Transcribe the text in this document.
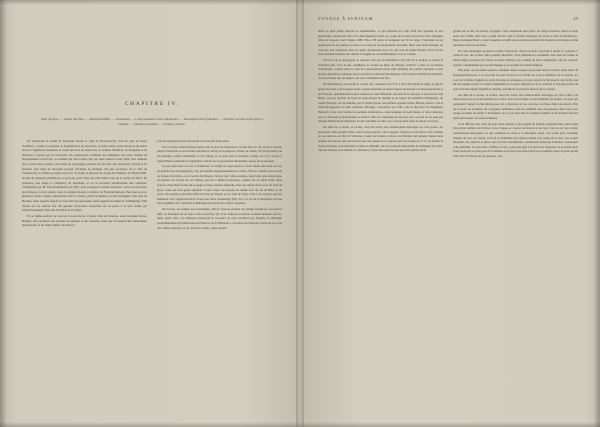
CHAPITRE IV.
Mort du pape. — Entrée des Élus. — Montagne Blanc. — Ossements. — Long sommeil et trois impatience. — Description des Pyramides. — Parallèle de fabrication grâce à empiète. — Mesures nouvelles. — Poudres, métiers.

En remontant le résidu de Kairouan depuis la ville de Fous-marche, l'œil ne peut se lasser d'admirer, à droite et à gauche, la magnificence de ses bords, la riche nature qu'on découvre de toutes parts, la végétation abondante et variée qui orne les deux rives, le nombre d'édifices, de mosquées et de minarets à vapeur qui les traversent. En construisant continuel des tombeaux, des ports chargés de marchandises ou de bois, ce troublés par des rochers qui, par leurs chutes et leur gaîté, font dominer que ce sinon des rochers; cette foule de paysanages paraître sur les toits des vaisseaux, à bords et en bateaux, tout aussi de mosquée passant d'éclairer au étranger. Un peu au-dessus de la ville de Fousmarche, la rivière se replie vers l'est. À droite et princées le cirque des Diables, un Bain-rétabli, bordée de plusieurs plantations et qui nous porte l'une des plus belles vues de la plaine du Nord. En d'ailleurs, que longe la plantation du Roumain, et où se trouvent ancrièrement une oublierie, communiste par M. Van-Suisenhotch, en 1665, pour protéger la culture naissante contre les invasions des barbares. À trois quarts, toute la dernière montre la maison de Fousmarchehoek. Plus haut encore, plusieurs autres créques débouchent dans la rivière, parmi lesquelles on doit distinguer celle dite de Bavière, ainsi appelée d'après le nom d'un des personnes chefs anglais du temps de Willingbiley. Elle faisant un vol endroit aux fils appelée l'écrivaine, lorsqu'elle est en passé à la terre ferme par l'entrechoisement d'une des branches de la rivière.

En se même endroit, se trouvait, à notre droite, la petite ville de Taventar, aussi nommée Sainte-Bridget; elle paraîtrait une certaine de minutes et une chapelle, mais elle est aujourd'hui entièrement abandonnée, et les débris même ont disparu

sous les végétations que ont envahi le sol où elle était assise.

En la rivière toutes hermaporantes tout le nord de Kairouan la forme d'un arc de cercle et ensuite jusqu'à Vauberck on se trouvait autrefois le village de Zandpoort, Pointe-de-Sable, où l'on profitait que les premiers colons s'établirent. Ici se village, il ne reste plus le moindre vestige, et l'on y trouve y aujourd'hui la plantation la Singalaise, établie par le gouverneur Mauridius, qui en fut possesseur.

Un peu plus haut, en voit, à l'Ouerbert, le vestige de Saga-Agaber, à trois lieues plus haut encore, en quittant une montagne (fig. 41), qui domine majestueusement la rivière. Elle est comme sous le nom de Serrure des Indes, et on bordée de rhéaqus côté par une vallée étendue, aussi toute que pittoresque. Au-dedans de chacun de ces vallées, qui est la mêmé profondeur, roulent sur un seble blanc deux sources d'eau mais froide qui se serge et d'une verdure exquisite. Pour un autour siècle avec de l'eau de glace, cette eau n'est guère agréable à boire; mais, lors-qu'elle est mêlée avec du vin de Bière et du sucre, elle réjoile et prodiuit l'effet de l'eau de Seltzer ou de l'eau de Sega. C'est à ces sources que les habitants vont s'approvisionner d'eau pour leurs assemblage (Fig. 42). Le col de la montagne est une terre régulière, fort compacte et mélangée de poterie de couleur sanguine.

On évacuo, en somme, de la montagne, dans je virus de poitiers sur village fondait par de pauvres juifs, au marquise où on vous a tant voyé (Fig. 47). Il se compose d'environ soixante maisons qui for-ment quatre rues. Ces maisons consacrent le caractère de cette révulsion par laquelle on distingue particulièrement les habitations en France et de la Hollande. Le fronton des maisons, frame un vis-à-vis des vallées latérales; et, du côté de la rivière, elles ont étés

VOYAGE À SURINAM	29

ment un petit jardin disposé en amphithéâtre, ce qui présente un coup d'œil fort agréable et fort pittoresque; auteurs du côté où le débarquement a lieu, les routes de la place au travers sont compagne bêtes en hespers, dont l'année 1680. Elle a 80 pieds de longueur sur 30 de large. L'intérieur en est austère par les pre-pilliers de bois, et la toute en est proprement travaillée. Deux rues belle avenues, on conserve une ceremone deux ou quatre fai-niennes de la loi, qui sont un argent mortel. Il n'y Levret aussi plusieurs manuscrits valable à l'origine de cet établissement et de la colonie.

Vis-à-vis de la synagogue, le quelque vent par du dimanche et du côté de la prairie, se trouve le cimetière juif. C'est là que commence le cordon en ligne de défense, d'abord, à côté, où la maison d'ariathique, couture entre le soin de Goevernement-Loot. Elle renferme des jardins spacieux et une grande quantité de fontaines pour le service de l'hôpital Marienberg, d'où il que travaillent les rivalants, vous les blanes que les nègres, qui sont condamnés aux fers.

De Marienberg, on suivant le cordon qui, contenant en 1774, a été à 290 pieds de large, et qui est garni de postes et de brouges épais, on peut atteindre en quatre heures de marche à la borne des Indes et les Français, qui habitaient là plus sombres et ainsi défléchée. Au-delà de la douceur, et en un écart d'un Blanc, par nos capable de l'eau, les gouvernaux du chemin et on trouve les nommés Champinpal, un roade d'Orange, où lui Amidée, par St Sainte Spark, une enfanté appelée barrac-Barrha, encore: vrai le Saint-Orangepaul, un petit domaine d'Orange, couronnant en 1740, sous la direction de l'ingénieur Bernard, Cette vert, bordée de quelques habitations, a une longueur de neuf lieues, et trois remarque avec le Surnom ou Kandischeat la rivière. Elle est cependant en fort bon état, ce dont on ne peut pas changé d'habitations malsaines. Et qui contribue en outre à la correspondre entre la nation et le pays.

Au delà de la borne, la rivière, dont les bords sont entière-ment marvages en cette partie, est intercepte d'une pareille d'îles, dont la plus grande a une longueur d'environ trois lieues. Une certaine de ses surfaces est dite de Schouten, l'autre de Graben, la tierce de Plaindet qui règnent dessus mais paraître ne faire un suite de bras fait que cinq lieues de la capitale; elle fut creusée en 1717, au défaut, le fronli du moins, sont teffement unifiés et embrulle, qu'il est presque impossible de distinguer les eaux. Suivant Chaque couvrement, le calendrier y ferait des noms de tous les Juifs quittant de la

gratins sur la tête du chacqu voyageur. Cette cérémonie ainsi faite, les nègres baribers talent la route entre eux, Enfin, toile tout à camp devant vous la soldats rustiques qui porte le nom de Manœuvre-Berg, montagne blanc, et une Iraquelle on établi un poste gras surveiller les hauteurs et les nègres qu'un rencontre dans les environs.

De cette montagne on peut se rendre à Espasces. Tout le monde, en levant à droite et à gauche, à partir de rue, des roches d'une premier blanches; d'est jadissent les ossements d'un nom-bre infini de morts nègres enterrés par l'ordre de leurs maîtres et la volume de leurs régulateurs. On est copieux, appelé a certainement par la pour Ngango et se révolter le Sanona implore.

Plus haut, on rencontré toujours, plusieurs autres créques et pré-sent dans la rivière, entre autres le Kompagniesdreeck, et se trouvant le poste Victoria et la limite de la parte militaire de la colonie. Le cour de la rivière Saignée ite entre invadies et surtiques se trouvé ouvrée la Savalouck, qui forme tout fût été ranagés à peile à certain commandée par la sieur Negroes et cet se corsebat le Sanonse tournà de petit avant les nègres fugitifs de Sarame, qui mirent la prin-ture diverse de la colonie.

Au delà de la borne, la rivière, dont les bords sont entière-ment marvages en cette partie, est intercoupée par un grand nombre de rochers dont l'eau tombe en une multitude de petites cascades qui présentent l'aspect le plus pittoresque. On y découvre de ces cascades cet d'une chute très-élevée. Elle est la point où s'arrêtent les voyageurs ordinaires dont ils semblent une circonstance dans cette terre vierge et pleine de périls. L'Ewanpiéca ne va pas plus loin. Les nègres fugitifs et les Indiens sont les seuls qui losdent ces toutes solitudes.

Il est difficile que, dans un pays aussi étendu, à cinq degrés de latitude septentrionale, entrecoupé d'un grand nombre de rivières et de criques, et couvert de marais et de bois, l'air ne soit pas chargé d'exhalaisons malsaines. Ce qui contribue en outre à la entremise aussi, c'est d'une part, l'extrême chaleur du jour, de l'autre, le froid si l'humidité qui régnent durant une partie de la nuit. Les orages fréquents, les tonnerts et pluies qui tour-bent quotidienne, contribuent beaucoup d'effréner à entretenir cette humidité. Le jour dont, comme on voit, à peu près égal à la nuit sous l'équateur, et le soleil après avoir porté ses ra-yons près de la brûleur au froid et ses plus un flot de sa lumière ment de pain qu'elle frait. Elle est l'heure de ces chaleurs. Les
